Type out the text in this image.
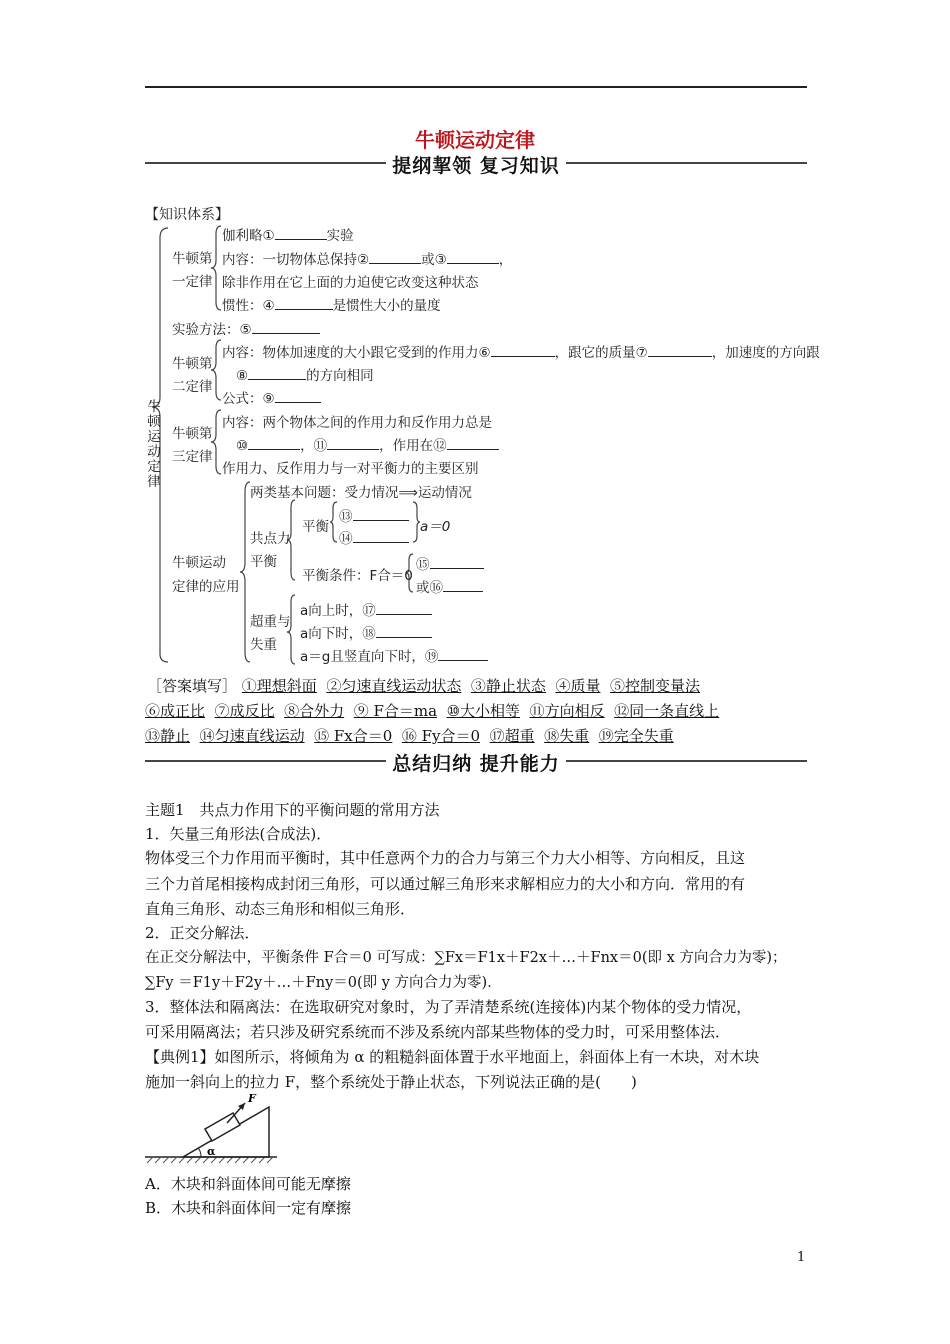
牛顿运动定律
提纲挈领 复习知识
【知识体系】
牛顿运动定律
牛顿第
一定律
伽利略①	实验
内容：一切物体总保持②	或③	，
除非作用在它上面的力迫使它改变这种状态
惯性：④	是惯性大小的量度
实验方法：⑤
牛顿第
二定律
内容：物体加速度的大小跟它受到的作用力⑥	，跟它的质量⑦	，加速度的方向跟
⑧	的方向相同
公式：⑨
牛顿第
三定律
内容：两个物体之间的作用力和反作用力总是
⑩	，⑪	，作用在⑫
作用力、反作用力与一对平衡力的主要区别
牛顿运动
定律的应用
两类基本问题：受力情况⟹运动情况
共点力
平衡
平衡
⑬
⑭
a＝0
平衡条件：F合＝0
⑮
或⑯
超重与
失重
a向上时，⑰
a向下时，⑱
a＝g且竖直向下时，⑲
［答案填写］ ①理想斜面 ②匀速直线运动状态 ③静止状态 ④质量 ⑤控制变量法
⑥成正比 ⑦成反比 ⑧合外力 ⑨ F合＝ma ⑩大小相等 ⑪方向相反 ⑫同一条直线上
⑬静止 ⑭匀速直线运动 ⑮ Fx合＝0 ⑯ Fy合＝0 ⑰超重 ⑱失重 ⑲完全失重
总结归纳 提升能力
主题1　共点力作用下的平衡问题的常用方法
1．矢量三角形法(合成法)．
物体受三个力作用而平衡时，其中任意两个力的合力与第三个力大小相等、方向相反，且这
三个力首尾相接构成封闭三角形，可以通过解三角形来求解相应力的大小和方向．常用的有
直角三角形、动态三角形和相似三角形．
2．正交分解法．
在正交分解法中，平衡条件 F合＝0 可写成：∑Fx＝F1x＋F2x＋…＋Fnx＝0(即 x 方向合力为零)；
∑Fy ＝F1y＋F2y＋…＋Fny＝0(即 y 方向合力为零)．
3．整体法和隔离法：在选取研究对象时，为了弄清楚系统(连接体)内某个物体的受力情况，
可采用隔离法；若只涉及研究系统而不涉及系统内部某些物体的受力时，可采用整体法．
【典例1】如图所示，将倾角为 α 的粗糙斜面体置于水平地面上，斜面体上有一木块，对木块
施加一斜向上的拉力 F，整个系统处于静止状态，下列说法正确的是(　　)
F
α
A．木块和斜面体间可能无摩擦
B．木块和斜面体间一定有摩擦
1
